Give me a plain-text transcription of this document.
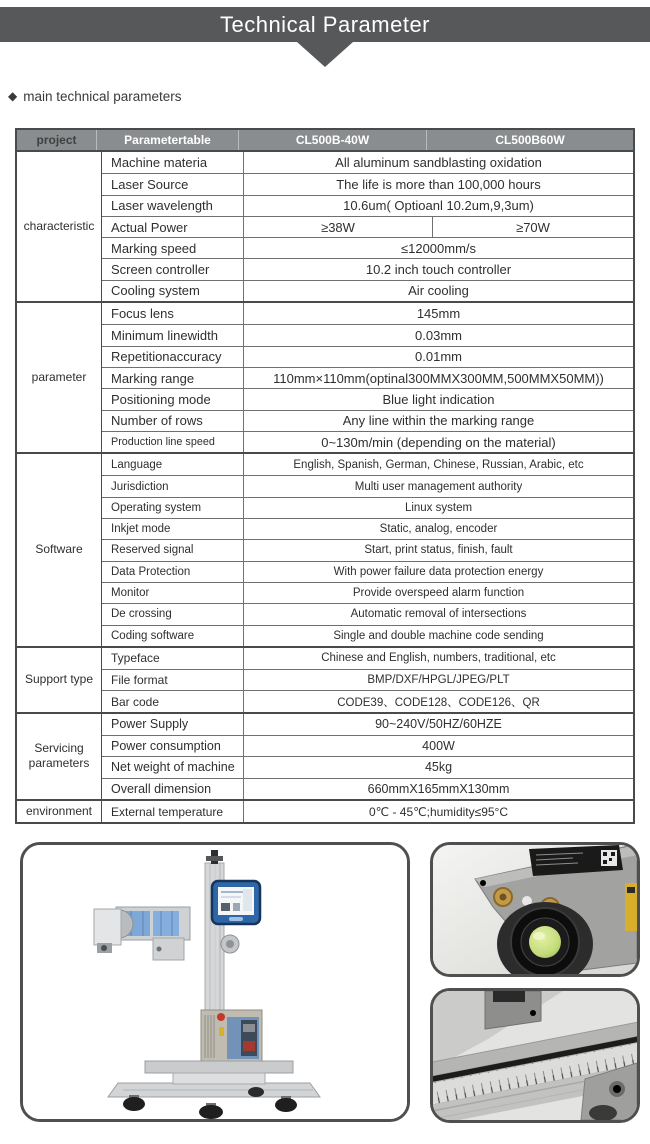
Technical Parameter
◆ main technical parameters
project	Parametertable	CL500B-40W	CL500B60W
characteristic
Machine materia	All aluminum sandblasting oxidation
Laser Source	The life is more than 100,000 hours
Laser wavelength	10.6um( Optioanl 10.2um,9,3um)
Actual Power	≥38W	≥70W
Marking speed	≤12000mm/s
Screen controller	10.2 inch touch controller
Cooling system	Air cooling
parameter
Focus lens	145mm
Minimum linewidth	0.03mm
Repetitionaccuracy	0.01mm
Marking range	110mm×110mm(optinal300MMX300MM,500MMX50MM))
Positioning mode	Blue light indication
Number of rows	Any line within the marking range
Production line speed	0~130m/min (depending on the material)
Software
Language	English, Spanish, German, Chinese, Russian, Arabic, etc
Jurisdiction	Multi user management authority
Operating system	Linux system
Inkjet mode	Static, analog, encoder
Reserved signal	Start, print status, finish, fault
Data Protection	With power failure data protection energy
Monitor	Provide overspeed alarm function
De crossing	Automatic removal of intersections
Coding software	Single and double machine code sending
Support type
Typeface	Chinese and English, numbers, traditional, etc
File format	BMP/DXF/HPGL/JPEG/PLT
Bar code	CODE39、CODE128、CODE126、QR
Servicing parameters
Power Supply	90~240V/50HZ/60HZE
Power consumption	400W
Net weight of machine	45kg
Overall dimension	660mmX165mmX130mm
environment	External temperature	0℃ - 45℃;humidity≤95°C
